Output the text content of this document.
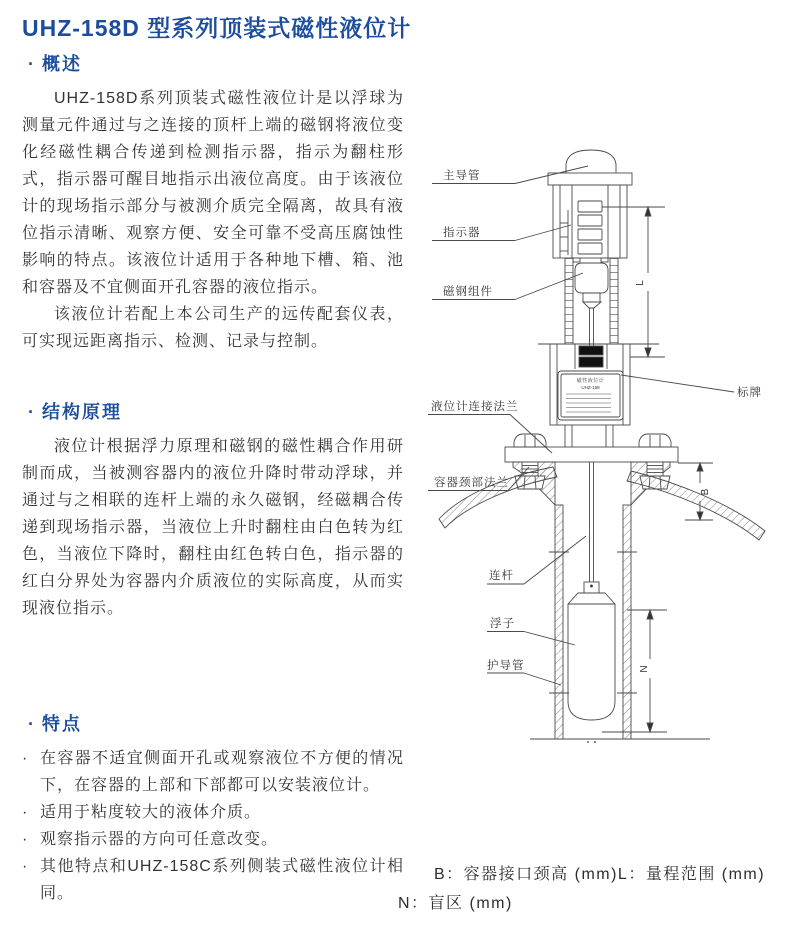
UHZ-158D 型系列顶装式磁性液位计
· 概述

UHZ-158D系列顶装式磁性液位计是以浮球为测量元件通过与之连接的顶杆上端的磁钢将液位变化经磁性耦合传递到检测指示器，指示为翻柱形式，指示器可醒目地指示出液位高度。由于该液位计的现场指示部分与被测介质完全隔离，故具有液位指示清晰、观察方便、安全可靠不受高压腐蚀性影响的特点。该液位计适用于各种地下槽、箱、池和容器及不宜侧面开孔容器的液位指示。

该液位计若配上本公司生产的远传配套仪表，可实现远距离指示、检测、记录与控制。

· 结构原理

液位计根据浮力原理和磁钢的磁性耦合作用研制而成，当被测容器内的液位升降时带动浮球，并通过与之相联的连杆上端的永久磁钢，经磁耦合传递到现场指示器，当液位上升时翻柱由白色转为红色，当液位下降时，翻柱由红色转白色，指示器的红白分界处为容器内介质液位的实际高度，从而实现液位指示。

· 特点
· 在容器不适宜侧面开孔或观察液位不方便的情况下，在容器的上部和下部都可以安装液位计。
· 适用于粘度较大的液体介质。
· 观察指示器的方向可任意改变。
· 其他特点和UHZ-158C系列侧装式磁性液位计相同。
主导管
指示器
磁钢组件
液位计连接法兰
容器颈部法兰
标牌
连杆
浮子
护导管
磁性液位计
UHZ-158
L
B
N
B：容器接口颈高 (mm)L：量程范围 (mm)
N：盲区 (mm)
